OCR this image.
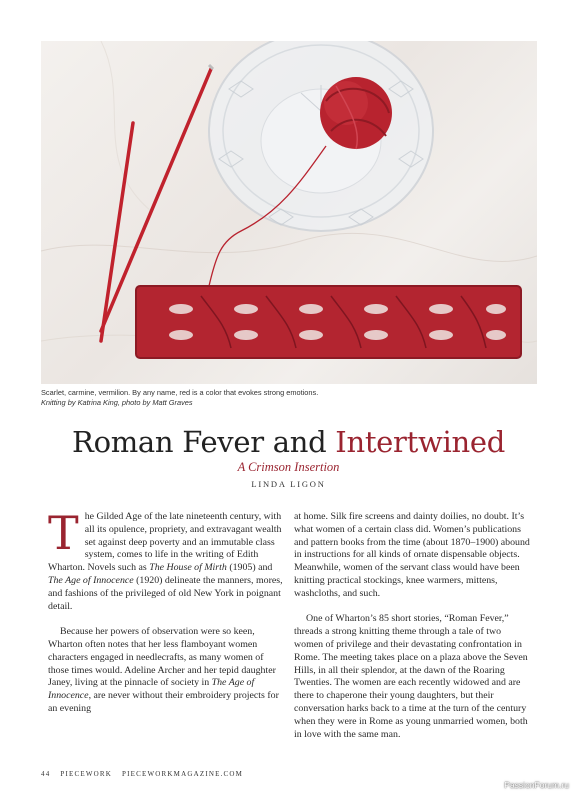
Scarlet, carmine, vermilion. By any name, red is a color that evokes strong emotions.
Knitting by Katrina King, photo by Matt Graves
Roman Fever and Intertwined
A Crimson Insertion
LINDA LIGON

The Gilded Age of the late nineteenth century, with all its opulence, propriety, and extravagant wealth set against deep poverty and an immutable class system, comes to life in the writing of Edith Wharton. Novels such as The House of Mirth (1905) and The Age of Innocence (1920) delineate the manners, mores, and fashions of the privileged of old New York in poignant detail.

Because her powers of observation were so keen, Wharton often notes that her less flamboyant women characters engaged in needlecrafts, as many women of those times would. Adeline Archer and her tepid daughter Janey, living at the pinnacle of society in The Age of Innocence, are never without their embroidery projects for an evening

at home. Silk fire screens and dainty doilies, no doubt. It’s what women of a certain class did. Women’s publications and pattern books from the time (about 1870–1900) abound in instructions for all kinds of ornate dispensable objects. Meanwhile, women of the servant class would have been knitting practical stockings, knee warmers, mittens, washcloths, and such.

One of Wharton’s 85 short stories, “Roman Fever,” threads a strong knitting theme through a tale of two women of privilege and their devastating confrontation in Rome. The meeting takes place on a plaza above the Seven Hills, in all their splendor, at the dawn of the Roaring Twenties. The women are each recently widowed and are there to chaperone their young daughters, but their conversation harks back to a time at the turn of the century when they were in Rome as young unmarried women, both in love with the same man.

44 PIECEWORK PIECEWORKMAGAZINE.COM
PassionForum.ru
